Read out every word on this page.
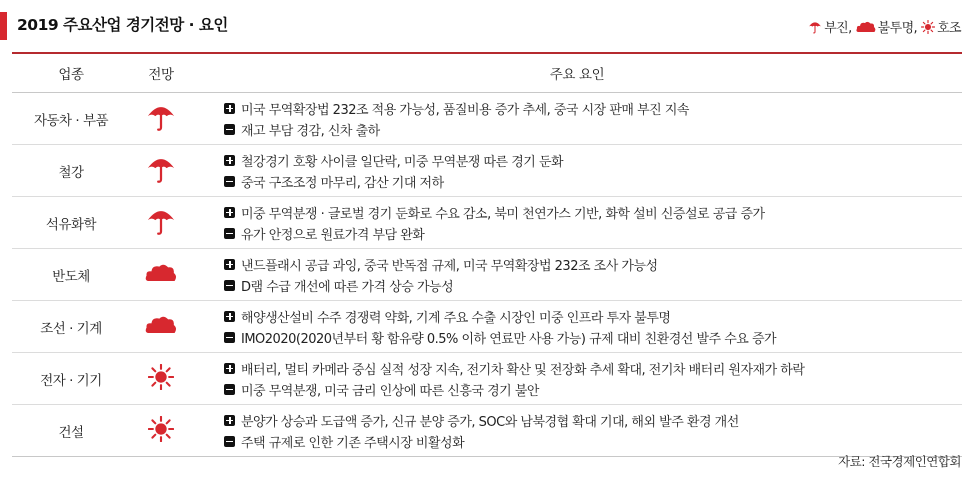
2019 주요산업 경기전망 · 요인	부진, 불투명, 호조
업종	전망	주요 요인
자동차 · 부품		미국 무역확장법 232조 적용 가능성, 품질비용 증가 추세, 중국 시장 판매 부진 지속
재고 부담 경감, 신차 출하

철강		철강경기 호황 사이클 일단락, 미중 무역분쟁 따른 경기 둔화
중국 구조조정 마무리, 감산 기대 저하

석유화학		미중 무역분쟁 · 글로벌 경기 둔화로 수요 감소, 북미 천연가스 기반, 화학 설비 신증설로 공급 증가
유가 안정으로 원료가격 부담 완화

반도체		낸드플래시 공급 과잉, 중국 반독점 규제, 미국 무역확장법 232조 조사 가능성
D램 수급 개선에 따른 가격 상승 가능성

조선 · 기계		해양생산설비 수주 경쟁력 약화, 기계 주요 수출 시장인 미중 인프라 투자 불투명
IMO2020(2020년부터 황 함유량 0.5% 이하 연료만 사용 가능) 규제 대비 친환경선 발주 수요 증가

전자 · 기기		배터리, 멀티 카메라 중심 실적 성장 지속, 전기차 확산 및 전장화 추세 확대, 전기차 배터리 원자재가 하락
미중 무역분쟁, 미국 금리 인상에 따른 신흥국 경기 불안

건설		분양가 상승과 도급액 증가, 신규 분양 증가, SOC와 남북경협 확대 기대, 해외 발주 환경 개선
주택 규제로 인한 기존 주택시장 비활성화
자료: 전국경제인연합회
